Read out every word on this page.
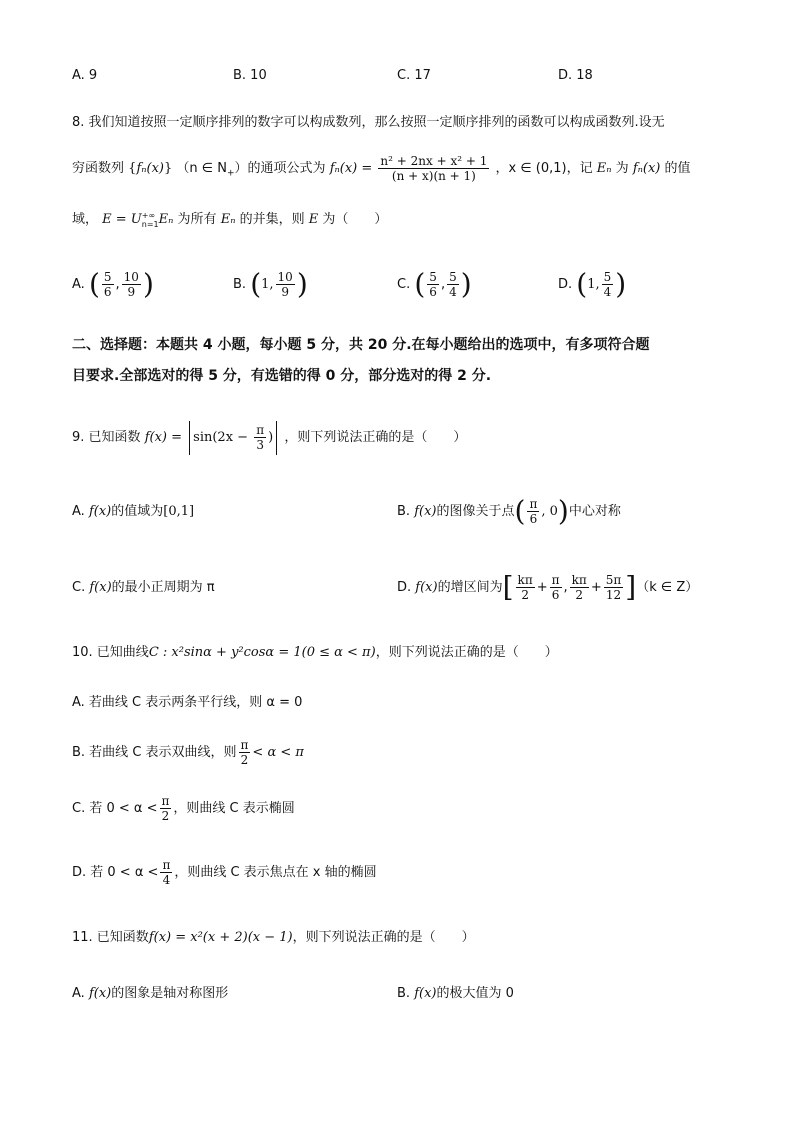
A. 9	B. 10	C. 17	D. 18
8. 我们知道按照一定顺序排列的数字可以构成数列，那么按照一定顺序排列的函数可以构成函数列.设无
穷函数列 {fₙ(x)} （n ∈ $N_+$）的通项公式为 $f_n(x) = \frac{\text{n² + 2nx + x² + 1}}{(n + x)(n + 1)}$ ，x ∈ (0,1)，记 Eₙ 为 fₙ(x) 的值
域， E = U +∞
n=1 Eₙ 为所有 Eₙ 的并集，则 E 为（　　）
A. ( $\frac{5}{6}$ , $\frac{10}{9}$ )	B. (1, $\frac{10}{9}$ )	C. ( $\frac{5}{6}$ , $\frac{5}{4}$ )	D. (1, $\frac{5}{4}$ )
二、选择题：本题共 4 小题，每小题 5 分，共 20 分.在每小题给出的选项中，有多项符合题
目要求.全部选对的得 5 分，有选错的得 0 分，部分选对的得 2 分.
9. 已知函数 $f(x) = \sin(2x - \frac{\pi}{3}$ ) ，则下列说法正确的是（　　）
A. f(x)的值域为[0,1]	B. f(x)的图像关于点( $\frac{\pi}{6}$ , 0)中心对称
C. f(x)的最小正周期为 π	D. f(x)的增区间为[ $\frac{k\pi}{2} + \frac{\pi}{6}$ , $\frac{k\pi}{2} + \frac{5\pi}{12} ](k$ ∈ Z）
10. 已知曲线C : x²sinα + y²cosα = 1(0 ≤ α < π)，则下列说法正确的是（　　）
A. 若曲线 C 表示两条平行线，则 α = 0
B. 若曲线 C 表示双曲线，则 $\frac{\pi}{2} < \alpha < \pi$
C. 若 $0 < \alpha < \frac{\pi}{2}$ ，则曲线 C 表示椭圆
D. 若 $0 < \alpha < \frac{\pi}{4}$ ，则曲线 C 表示焦点在 x 轴的椭圆
11. 已知函数f(x) = x²(x + 2)(x − 1)，则下列说法正确的是（　　）
A. f(x)的图象是轴对称图形	B. f(x)的极大值为 0
